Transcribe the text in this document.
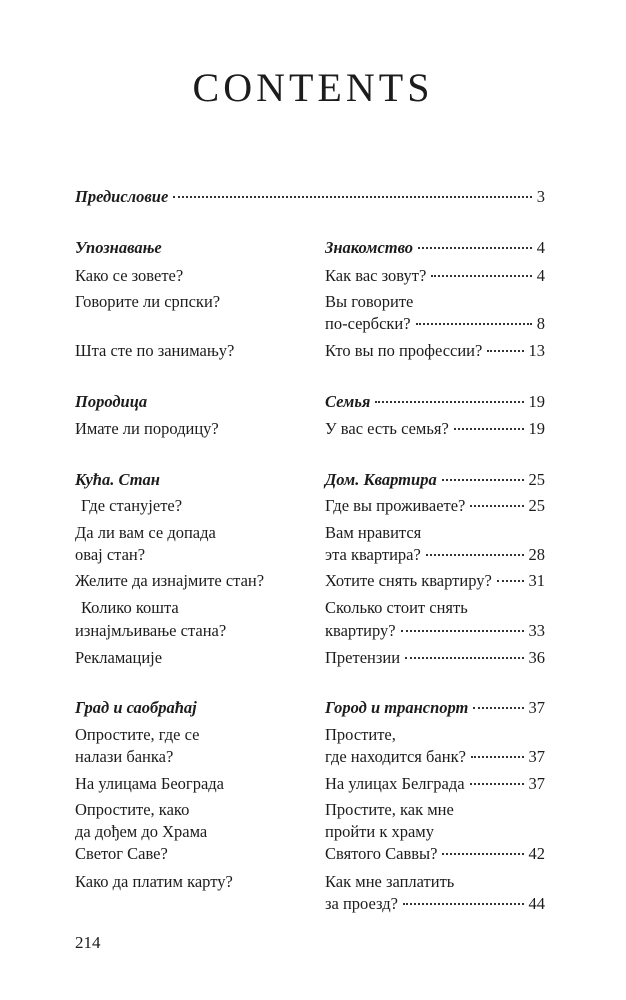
CONTENTS
Предисловие	3
Упознавање	Знакомство	4
Како се зовете?	Как вас зовут?	4
Говорите ли српски?	Вы говорите
по-сербски?	8
Шта сте по занимању?	Кто вы по профессии?	13
Породица	Семья	19
Имате ли породицу?	У вас есть семья?	19
Кућа. Стан	Дом. Квартира	25
Где станујете?	Где вы проживаете?	25
Да ли вам се допада
овај стан?
Вам нравится
эта квартира?	28
Желите да изнајмите стан?	Хотите снять квартиру? 31
Колико кошта
изнајмљивање стана?
Сколько стоит снять
квартиру?	33
Рекламације	Претензии	36
Град и саобраћај	Город и транспорт	37
Опростите, где се
налази банка?
Простите,
где находится банк?	37
На улицама Београда	На улицах Белграда	37
Опростите, како
да дођем до Храма
Светог Саве?
Простите, как мне
пройти к храму
Святого Саввы?	42
Како да платим карту?	Как мне заплатить
за проезд?	44
214
